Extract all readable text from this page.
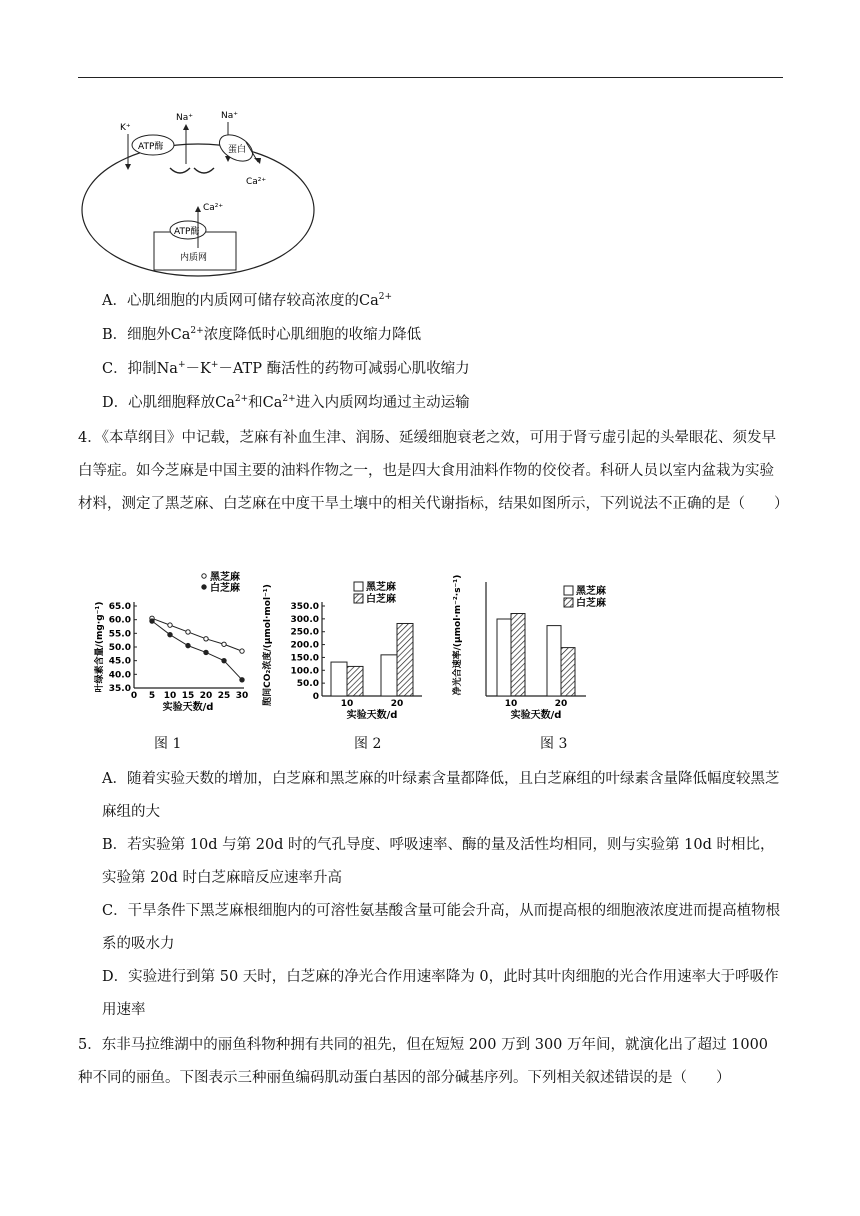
K⁺
Na⁺	Na⁺
ATP酶	蛋白
Ca²⁺
Ca²⁺
ATP酶
内质网
A．心肌细胞的内质网可储存较高浓度的$Ca^{2+}$
B．细胞外$Ca^{2+}$浓度降低时心肌细胞的收缩力降低
C．抑制Na+－K+－ATP 酶活性的药物可减弱心肌收缩力
D．心肌细胞释放$Ca^{2+}$和$Ca^{2+}$进入内质网均通过主动运输
4．《本草纲目》中记载，芝麻有补血生津、润肠、延缓细胞衰老之效，可用于肾亏虚引起的头晕眼花、须发早白等症。如今芝麻是中国主要的油料作物之一，也是四大食用油料作物的佼佼者。科研人员以室内盆栽为实验材料，测定了黑芝麻、白芝麻在中度干旱土壤中的相关代谢指标，结果如图所示，下列说法不正确的是（　　）
65.0
60.0
55.0
50.0
45.0
40.0
35.0
0 5 10 15 20 25 30
实验天数/d
叶绿素含量/(mg·g⁻¹)
黑芝麻
白芝麻
350.0
300.0
250.0
200.0
150.0
100.0
50.0
0
10	20
实验天数/d
胞间CO₂浓度/(μmol·mol⁻¹)	黑芝麻
白芝麻
10	20
实验天数/d
净光合速率/(μmol·m⁻²·s⁻¹)	黑芝麻
白芝麻
图 1	图 2	图 3
A．随着实验天数的增加，白芝麻和黑芝麻的叶绿素含量都降低，且白芝麻组的叶绿素含量降低幅度较黑芝麻组的大
B．若实验第 10d 与第 20d 时的气孔导度、呼吸速率、酶的量及活性均相同，则与实验第 10d 时相比，实验第 20d 时白芝麻暗反应速率升高
C．干旱条件下黑芝麻根细胞内的可溶性氨基酸含量可能会升高，从而提高根的细胞液浓度进而提高植物根系的吸水力
D．实验进行到第 50 天时，白芝麻的净光合作用速率降为 0，此时其叶肉细胞的光合作用速率大于呼吸作用速率
5．东非马拉维湖中的丽鱼科物种拥有共同的祖先，但在短短 200 万到 300 万年间，就演化出了超过 1000 种不同的丽鱼。下图表示三种丽鱼编码肌动蛋白基因的部分碱基序列。下列相关叙述错误的是（　　）
